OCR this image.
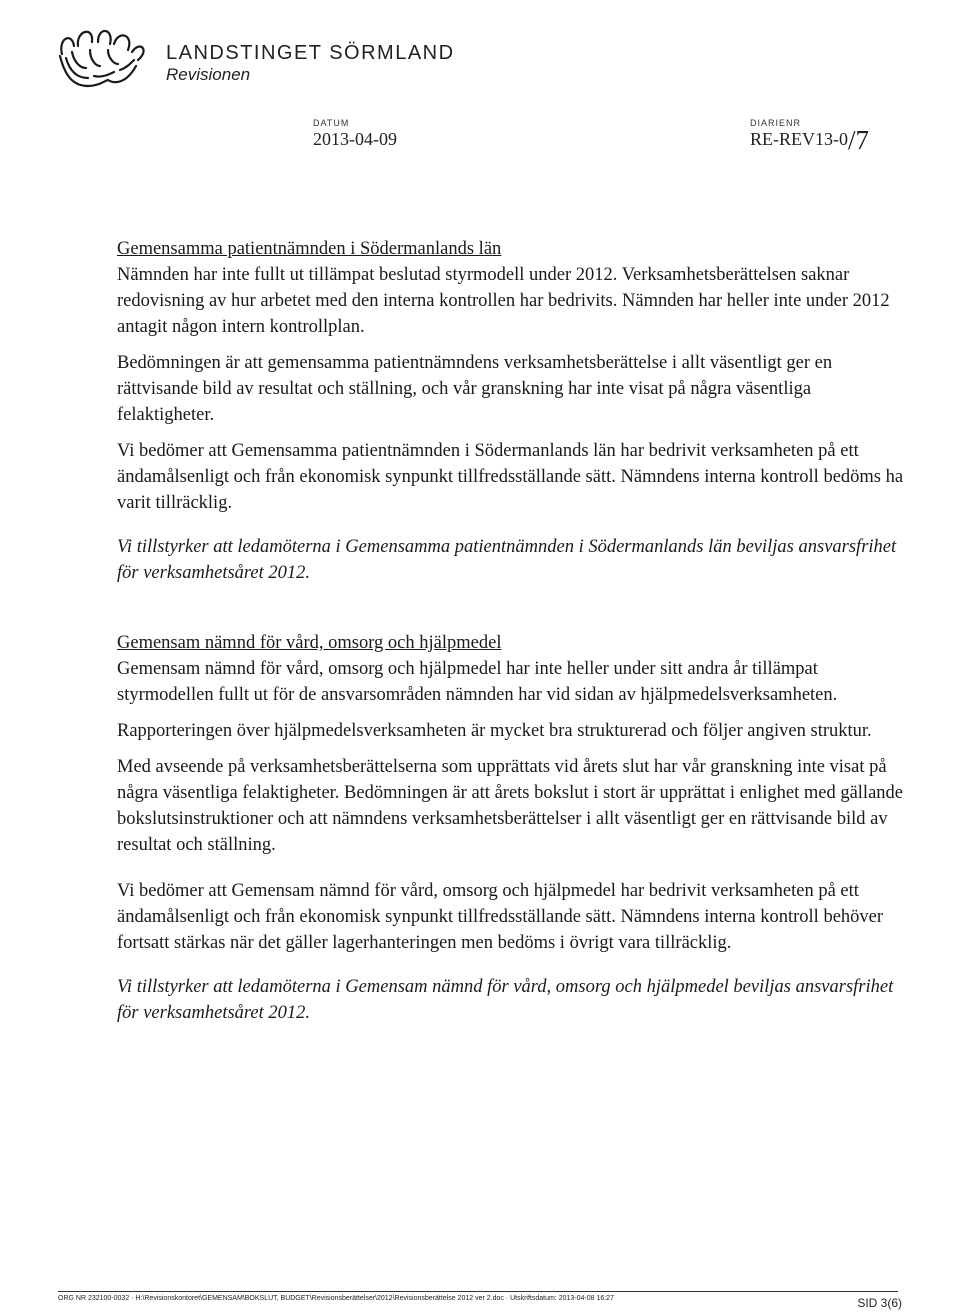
LANDSTINGET SÖRMLAND
Revisionen
DATUM
2013-04-09
DIARIENR
RE-REV13-0/7
Gemensamma patientnämnden i Södermanlands län

Nämnden har inte fullt ut tillämpat beslutad styrmodell under 2012. Verksamhetsberättelsen saknar redovisning av hur arbetet med den interna kontrollen har bedrivits. Nämnden har heller inte under 2012 antagit någon intern kontrollplan.

Bedömningen är att gemensamma patientnämndens verksamhetsberättelse i allt väsentligt ger en rättvisande bild av resultat och ställning, och vår granskning har inte visat på några väsentliga felaktigheter.

Vi bedömer att Gemensamma patientnämnden i Södermanlands län har bedrivit verksamheten på ett ändamålsenligt och från ekonomisk synpunkt tillfredsställande sätt. Nämndens interna kontroll bedöms ha varit tillräcklig.

Vi tillstyrker att ledamöterna i Gemensamma patientnämnden i Södermanlands län beviljas ansvarsfrihet för verksamhetsåret 2012.

Gemensam nämnd för vård, omsorg och hjälpmedel

Gemensam nämnd för vård, omsorg och hjälpmedel har inte heller under sitt andra år tillämpat styrmodellen fullt ut för de ansvarsområden nämnden har vid sidan av hjälpmedelsverksamheten.

Rapporteringen över hjälpmedelsverksamheten är mycket bra strukturerad och följer angiven struktur.

Med avseende på verksamhetsberättelserna som upprättats vid årets slut har vår granskning inte visat på några väsentliga felaktigheter. Bedömningen är att årets bokslut i stort är upprättat i enlighet med gällande bokslutsinstruktioner och att nämndens verksamhetsberättelser i allt väsentligt ger en rättvisande bild av resultat och ställning.

Vi bedömer att Gemensam nämnd för vård, omsorg och hjälpmedel har bedrivit verksamheten på ett ändamålsenligt och från ekonomisk synpunkt tillfredsställande sätt. Nämndens interna kontroll behöver fortsatt stärkas när det gäller lagerhanteringen men bedöms i övrigt vara tillräcklig.

Vi tillstyrker att ledamöterna i Gemensam nämnd för vård, omsorg och hjälpmedel beviljas ansvarsfrihet för verksamhetsåret 2012.

ORG NR 232100-0032 · H:\Revisionskontoret\GEMENSAM\BOKSLUT, BUDGET\Revisionsberättelser\2012\Revisionsberättelse 2012 ver 2.doc · Utskriftsdatum: 2013-04-08 16:27	SID 3(6)
